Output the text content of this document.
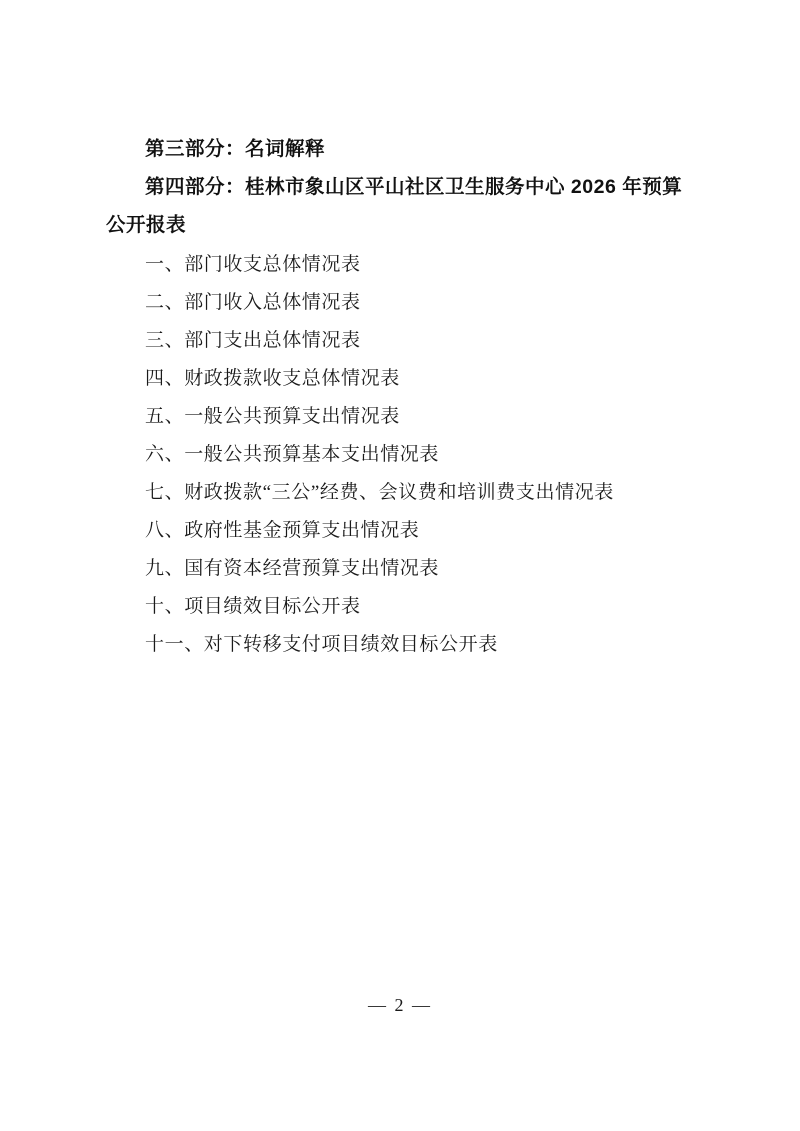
第三部分：名词解释

第四部分：桂林市象山区平山社区卫生服务中心 2026 年预算

公开报表

一、部门收支总体情况表
二、部门收入总体情况表
三、部门支出总体情况表
四、财政拨款收支总体情况表
五、一般公共预算支出情况表
六、一般公共预算基本支出情况表
七、财政拨款“三公”经费、会议费和培训费支出情况表
八、政府性基金预算支出情况表
九、国有资本经营预算支出情况表
十、项目绩效目标公开表
十一、对下转移支付项目绩效目标公开表
— 2 —
